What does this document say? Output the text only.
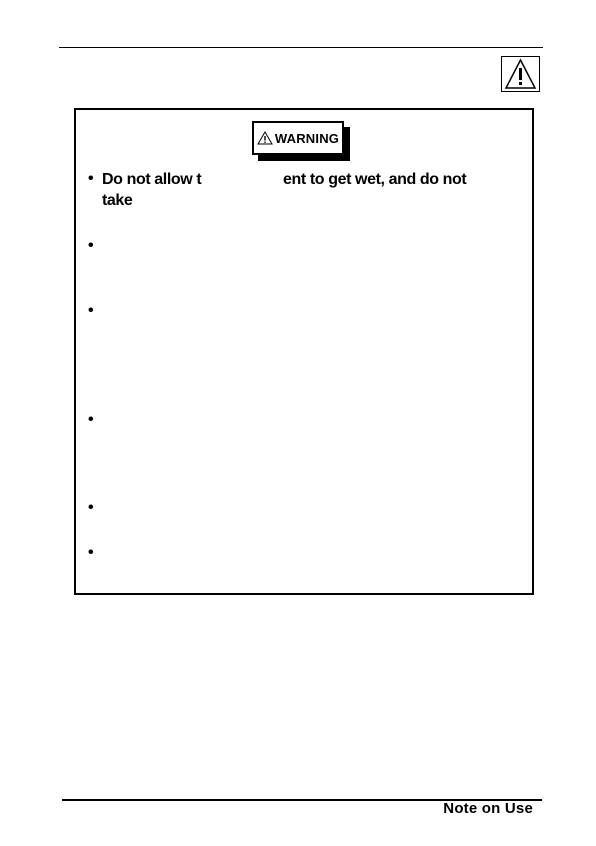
WARNING
• Do not allow t	ent to get wet, and do not
take
•
•
•
•
•
Note on Use
